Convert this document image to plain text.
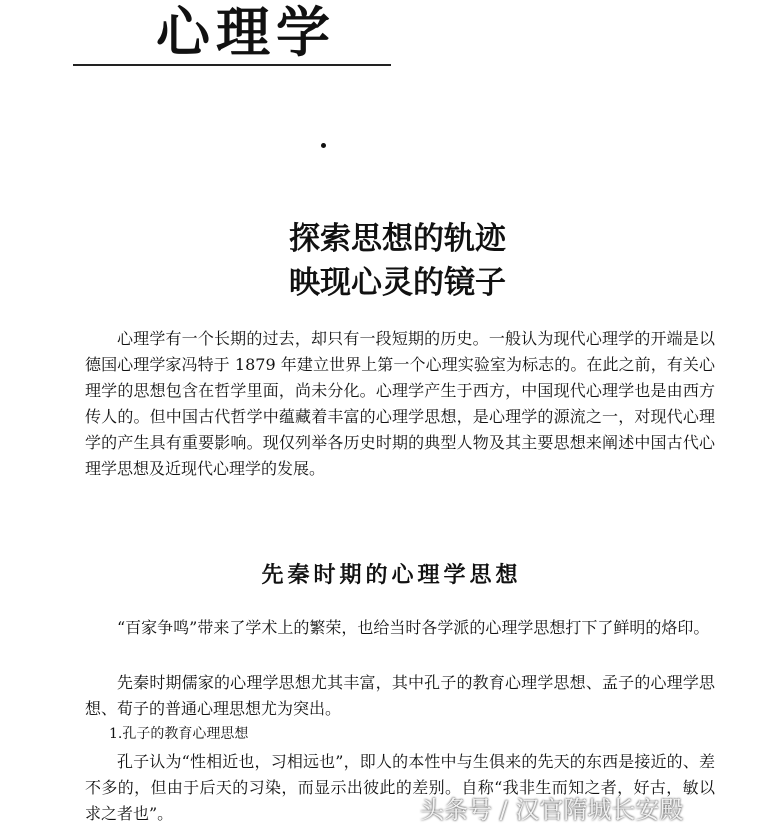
心理学
探索思想的轨迹
映现心灵的镜子

心理学有一个长期的过去，却只有一段短期的历史。一般认为现代心理学的开端是以德国心理学家冯特于 1879 年建立世界上第一个心理实验室为标志的。在此之前，有关心理学的思想包含在哲学里面，尚未分化。心理学产生于西方，中国现代心理学也是由西方传人的。但中国古代哲学中蕴藏着丰富的心理学思想，是心理学的源流之一，对现代心理学的产生具有重要影响。现仅列举各历史时期的典型人物及其主要思想来阐述中国古代心理学思想及近现代心理学的发展。

先秦时期的心理学思想

“百家争鸣”带来了学术上的繁荣，也给当时各学派的心理学思想打下了鲜明的烙印。

先秦时期儒家的心理学思想尤其丰富，其中孔子的教育心理学思想、孟子的心理学思想、荀子的普通心理思想尤为突出。

1.孔子的教育心理思想

孔子认为“性相近也，习相远也”，即人的本性中与生俱来的先天的东西是接近的、差不多的，但由于后天的习染，而显示出彼此的差别。自称“我非生而知之者，好古，敏以求之者也”。	头条号 / 汉官隋城长安殿
